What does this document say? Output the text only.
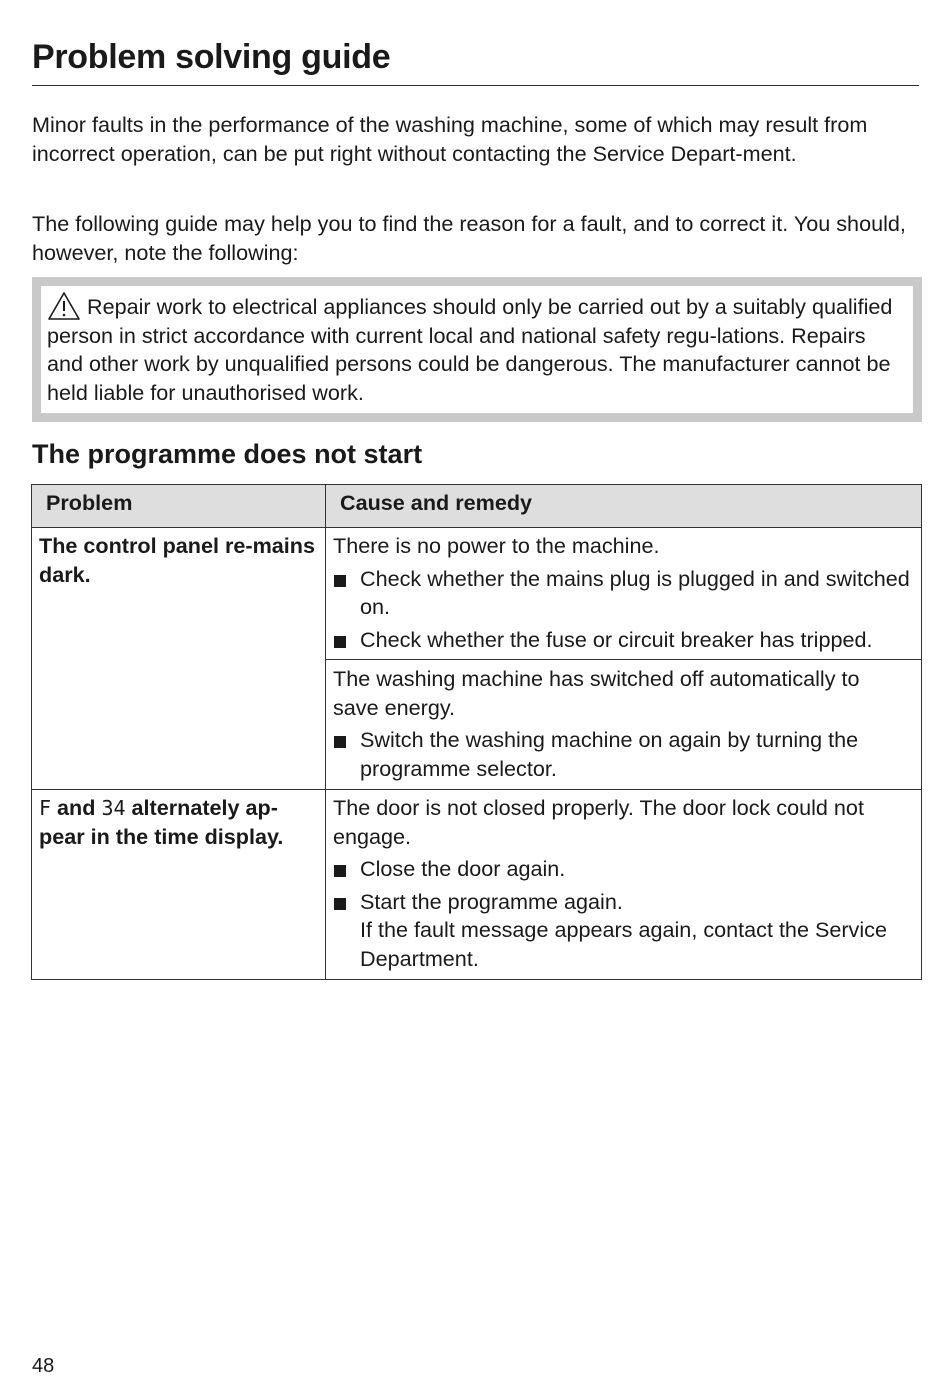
Problem solving guide

Minor faults in the performance of the washing machine, some of which may result from incorrect operation, can be put right without contacting the Service Depart-ment.

The following guide may help you to find the reason for a fault, and to correct it. You should, however, note the following:

Repair work to electrical appliances should only be carried out by a suitably qualified person in strict accordance with current local and national safety regu-lations. Repairs and other work by unqualified persons could be dangerous. The manufacturer cannot be held liable for unauthorised work.
The programme does not start
Problem	Cause and remedy
The control panel re-mains dark.	There is no power to the machine.

Check whether the mains plug is plugged in and switched on.
Check whether the fuse or circuit breaker has tripped.

The washing machine has switched off automatically to save energy.

Switch the washing machine on again by turning the programme selector.

F and 34 alternately ap-pear in the time display.	The door is not closed properly. The door lock could not engage.

Close the door again.
Start the programme again.
If the fault message appears again, contact the Service Department.
48
